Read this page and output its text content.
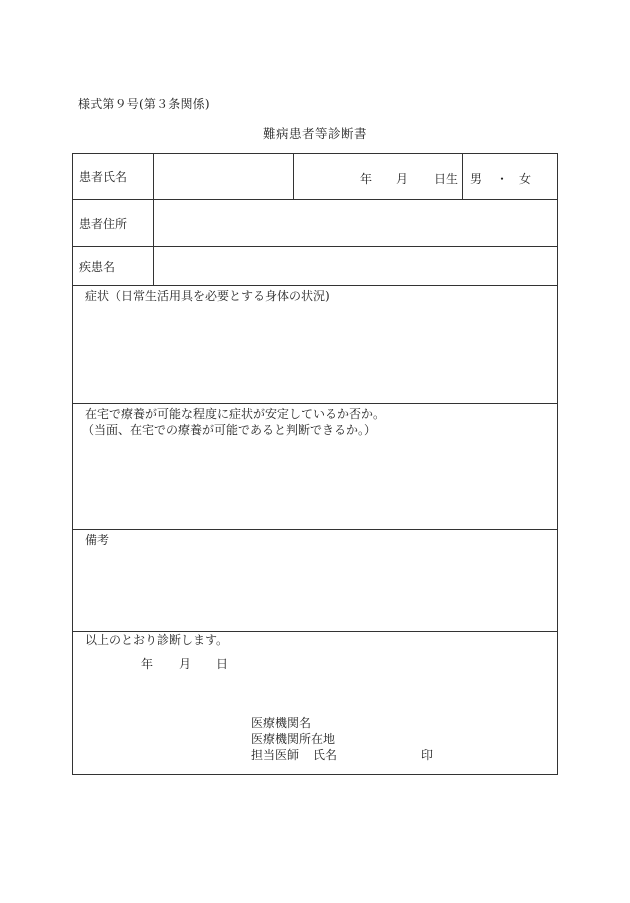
様式第９号(第３条関係)
難病患者等診断書
患者氏名	年 月 日生 男 ・ 女
患者住所
疾患名
症状（日常生活用具を必要とする身体の状況)
在宅で療養が可能な程度に症状が安定しているか否か。
（当面、在宅での療養が可能であると判断できるか。）
備考
以上のとおり診断します。
年 月 日
医療機関名
医療機関所在地
担当医師 氏名	印
